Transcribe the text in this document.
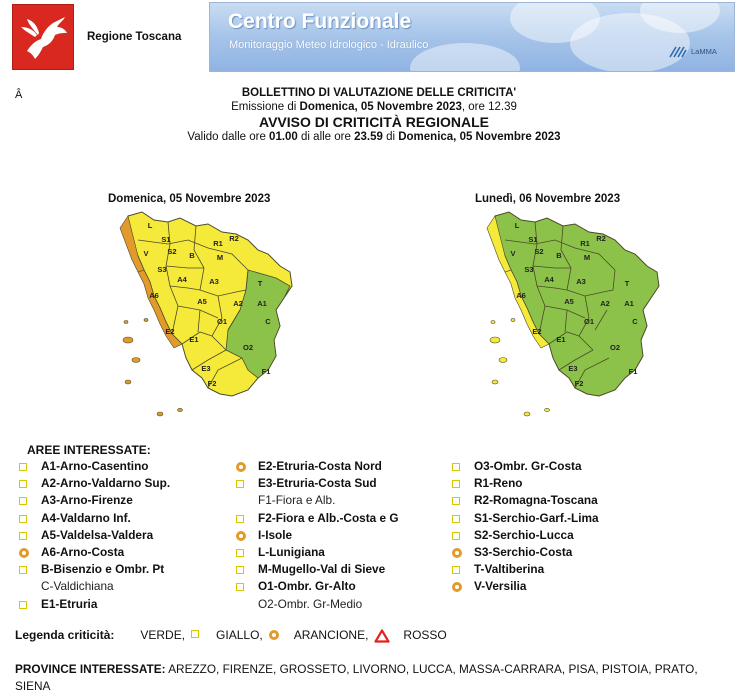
Regione Toscana
Centro Funzionale
Monitoraggio Meteo Idrologico - Idraulico	LaMMA
Â	BOLLETTINO DI VALUTAZIONE DELLE CRITICITA'
Emissione di Domenica, 05 Novembre 2023, ore 12.39
AVVISO DI CRITICITÀ REGIONALE
Valido dalle ore 01.00 di alle ore 23.59 di Domenica, 05 Novembre 2023
Domenica, 05 Novembre 2023	Lunedì, 06 Novembre 2023
S1	R2
R1
S2
M
V
S3
A4	A3	T
A6
A5	A2 A1
E2
O1	C
E1
E3
O2
F1
F2
B
L
S1	R2
R1
S2
M
V
S3
A4	A3	T
A6
A5	A2 A1
E2
O1	C
E1
E3
O2
F1
F2
B
L
AREE INTERESSATE:
A1-Arno-Casentino
A2-Arno-Valdarno Sup.
A3-Arno-Firenze
A4-Valdarno Inf.
A5-Valdelsa-Valdera
A6-Arno-Costa
B-Bisenzio e Ombr. Pt
C-Valdichiana
E1-Etruria
E2-Etruria-Costa Nord
E3-Etruria-Costa Sud
F1-Fiora e Alb.
F2-Fiora e Alb.-Costa e G
I-Isole
L-Lunigiana
M-Mugello-Val di Sieve
O1-Ombr. Gr-Alto
O2-Ombr. Gr-Medio
O3-Ombr. Gr-Costa
R1-Reno
R2-Romagna-Toscana
S1-Serchio-Garf.-Lima
S2-Serchio-Lucca
S3-Serchio-Costa
T-Valtiberina
V-Versilia
Legenda criticità: VERDE,	GIALLO,	ARANCIONE,	ROSSO
PROVINCE INTERESSATE: AREZZO, FIRENZE, GROSSETO, LIVORNO, LUCCA, MASSA-CARRARA, PISA, PISTOIA, PRATO, SIENA
